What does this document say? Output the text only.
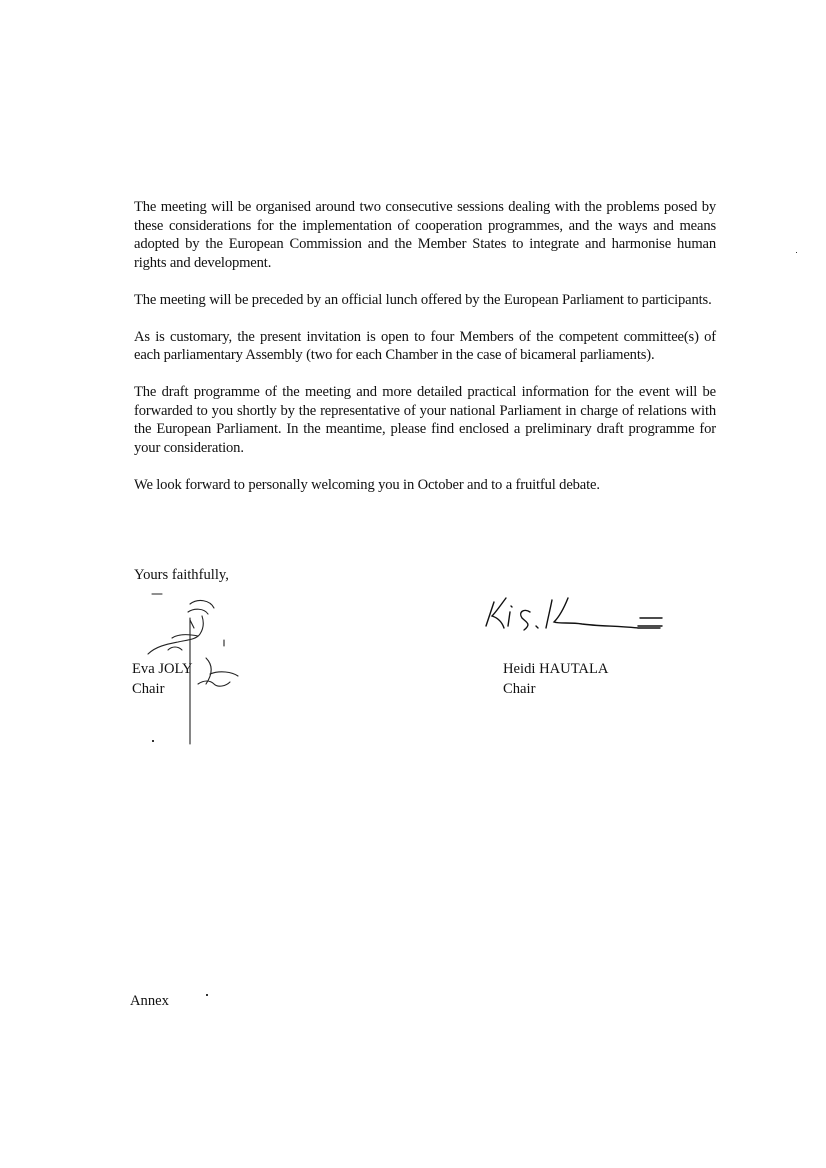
The meeting will be organised around two consecutive sessions dealing with the problems posed by these considerations for the implementation of cooperation programmes, and the ways and means adopted by the European Commission and the Member States to integrate and harmonise human rights and development.

The meeting will be preceded by an official lunch offered by the European Parliament to participants.

As is customary, the present invitation is open to four Members of the competent committee(s) of each parliamentary Assembly (two for each Chamber in the case of bicameral parliaments).

The draft programme of the meeting and more detailed practical information for the event will be forwarded to you shortly by the representative of your national Parliament in charge of relations with the European Parliament. In the meantime, please find enclosed a preliminary draft programme for your consideration.

We look forward to personally welcoming you in October and to a fruitful debate.

Yours faithfully,

Eva JOLY
Chair
Heidi HAUTALA
Chair
Annex
